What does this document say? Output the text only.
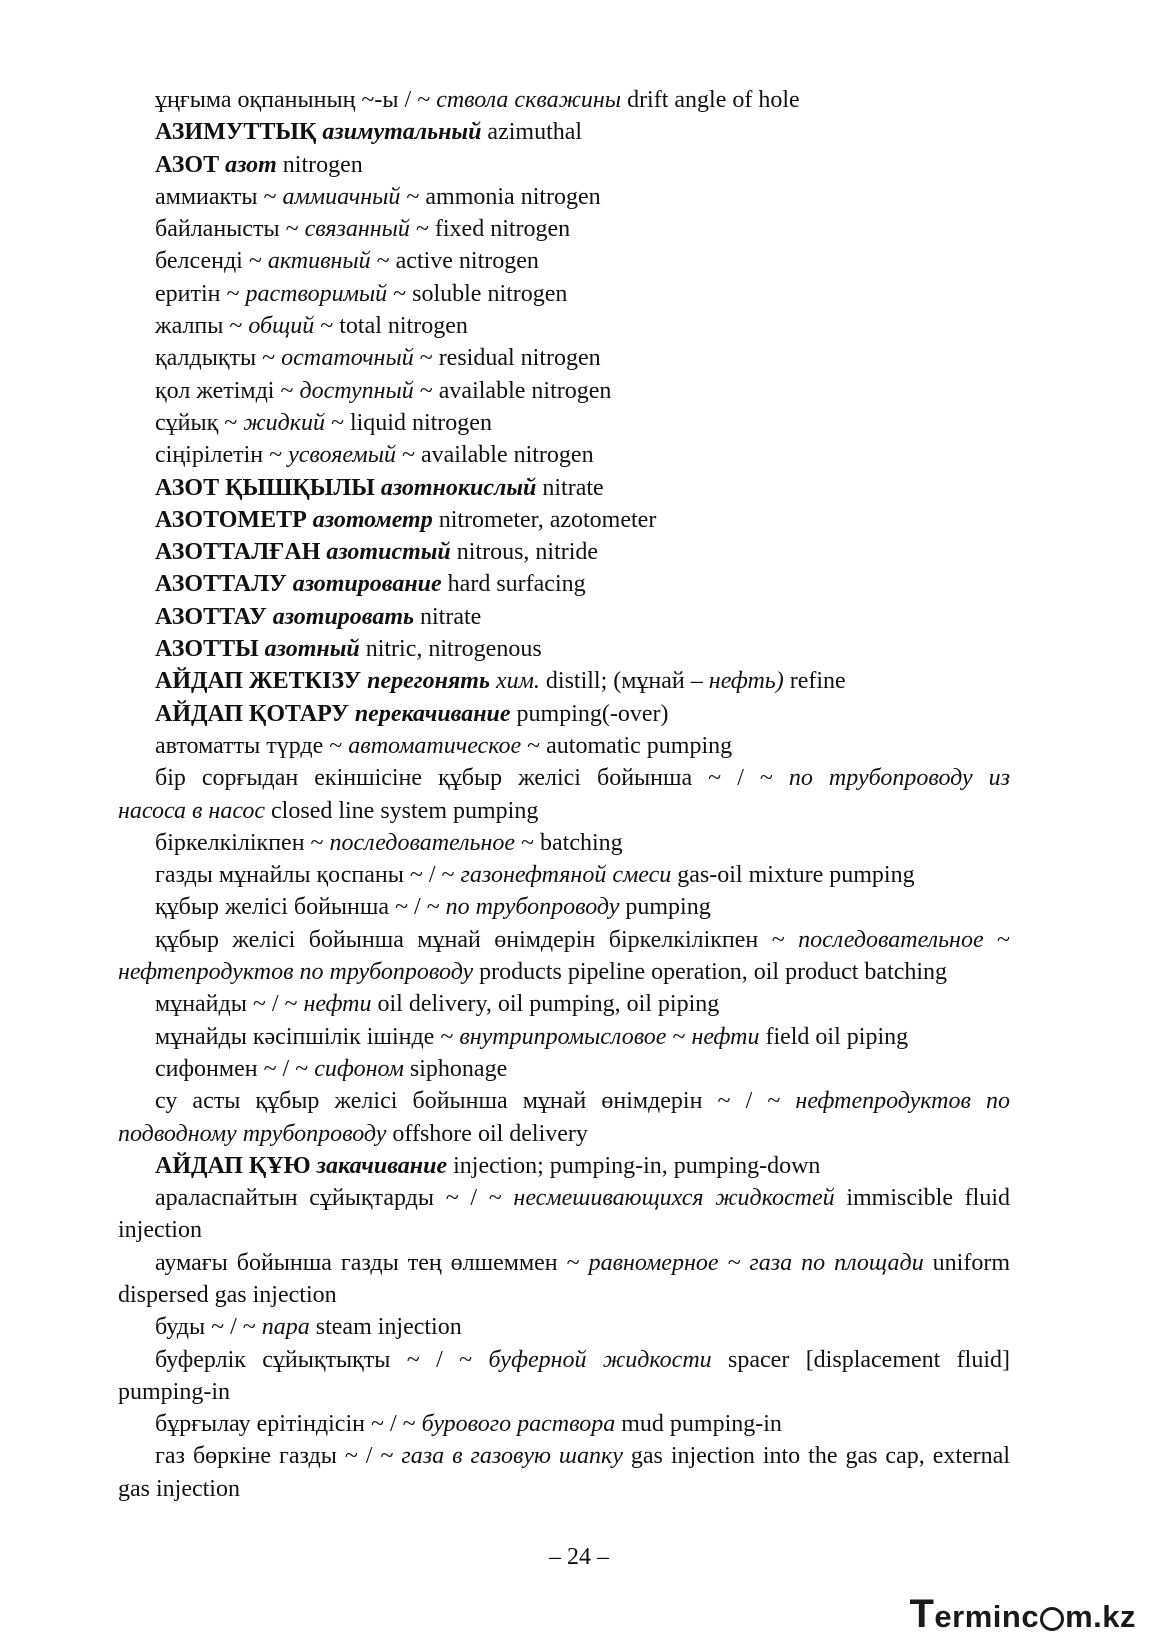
ұңғыма оқпанының ~-ы / ~ ствола скважины drift angle of hole
АЗИМУТТЫҚ азимутальный azimuthal
АЗОТ азот nitrogen
аммиакты ~ аммиачный ~ ammonia nitrogen
байланысты ~ связанный ~ fixed nitrogen
белсенді ~ активный ~ active nitrogen
еритін ~ растворимый ~ soluble nitrogen
жалпы ~ общий ~ total nitrogen
қалдықты ~ остаточный ~ residual nitrogen
қол жетімді ~ доступный ~ available nitrogen
сұйық ~ жидкий ~ liquid nitrogen
сіңірілетін ~ усвояемый ~ available nitrogen
АЗОТ ҚЫШҚЫЛЫ азотнокислый nitrate
АЗОТОМЕТР азотометр nitrometer, azotometer
АЗОТТАЛҒАН азотистый nitrous, nitride
АЗОТТАЛУ азотирование hard surfacing
АЗОТТАУ азотировать nitrate
АЗОТТЫ азотный nitric, nitrogenous
АЙДАП ЖЕТКІЗУ перегонять хим. distill; (мұнай – нефть) refine
АЙДАП ҚОТАРУ перекачивание pumping(-over)
автоматты түрде ~ автоматическое ~ automatic pumping
бір сорғыдан екіншісіне құбыр желісі бойынша ~ / ~ по трубопроводу из
насоса в насос closed line system pumping
біркелкілікпен ~ последовательное ~ batching
газды мұнайлы қоспаны ~ / ~ газонефтяной смеси gas-oil mixture pumping
құбыр желісі бойынша ~ / ~ по трубопроводу pumping
құбыр желісі бойынша мұнай өнімдерін біркелкілікпен ~ последовательное ~
нефтепродуктов по трубопроводу products pipeline operation, oil product batching
мұнайды ~ / ~ нефти oil delivery, oil pumping, oil piping
мұнайды кәсіпшілік ішінде ~ внутрипромысловое ~ нефти field oil piping
сифонмен ~ / ~ сифоном siphonage
су асты құбыр желісі бойынша мұнай өнімдерін ~ / ~ нефтепродуктов по
подводному трубопроводу offshore oil delivery
АЙДАП ҚҰЮ закачивание injection; pumping-in, pumping-down
араласпайтын сұйықтарды ~ / ~ несмешивающихся жидкостей immiscible fluid injection
аумағы бойынша газды тең өлшеммен ~ равномерное ~ газа по площади uniform dispersed gas injection
буды ~ / ~ пара steam injection
буферлік сұйықтықты ~ / ~ буферной жидкости spacer [displacement fluid] pumping-in
бұрғылау ерітіндісін ~ / ~ бурового раствора mud pumping-in
газ бөркіне газды ~ / ~ газа в газовую шапку gas injection into the gas cap, external gas injection
– 24 –
Terminc m.kz
